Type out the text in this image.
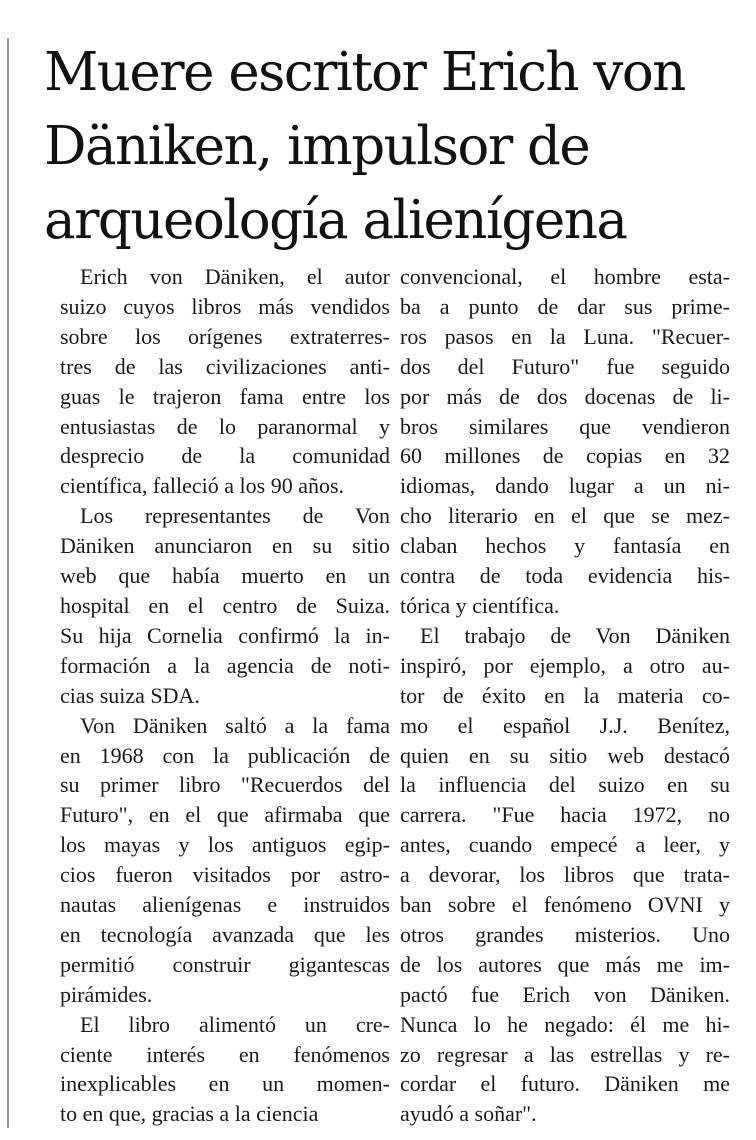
Muere escritor Erich von
Däniken, impulsor de
arqueología alienígena

Erich von Däniken, el autor
suizo cuyos libros más vendidos
sobre los orígenes extraterres-
tres de las civilizaciones anti-
guas le trajeron fama entre los
entusiastas de lo paranormal y
desprecio de la comunidad
científica, falleció a los 90 años.

Los representantes de Von
Däniken anunciaron en su sitio
web que había muerto en un
hospital en el centro de Suiza.
Su hija Cornelia confirmó la in-
formación a la agencia de noti-
cias suiza SDA.

Von Däniken saltó a la fama
en 1968 con la publicación de
su primer libro "Recuerdos del
Futuro", en el que afirmaba que
los mayas y los antiguos egip-
cios fueron visitados por astro-
nautas alienígenas e instruidos
en tecnología avanzada que les
permitió construir gigantescas
pirámides.

El libro alimentó un cre-
ciente interés en fenómenos
inexplicables en un momen-
to en que, gracias a la ciencia

convencional, el hombre esta-
ba a punto de dar sus prime-
ros pasos en la Luna. "Recuer-
dos del Futuro" fue seguido
por más de dos docenas de li-
bros similares que vendieron
60 millones de copias en 32
idiomas, dando lugar a un ni-
cho literario en el que se mez-
claban hechos y fantasía en
contra de toda evidencia his-
tórica y científica.

El trabajo de Von Däniken
inspiró, por ejemplo, a otro au-
tor de éxito en la materia co-
mo el español J.J. Benítez,
quien en su sitio web destacó
la influencia del suizo en su
carrera. "Fue hacia 1972, no
antes, cuando empecé a leer, y
a devorar, los libros que trata-
ban sobre el fenómeno OVNI y
otros grandes misterios. Uno
de los autores que más me im-
pactó fue Erich von Däniken.
Nunca lo he negado: él me hi-
zo regresar a las estrellas y re-
cordar el futuro. Däniken me
ayudó a soñar".
